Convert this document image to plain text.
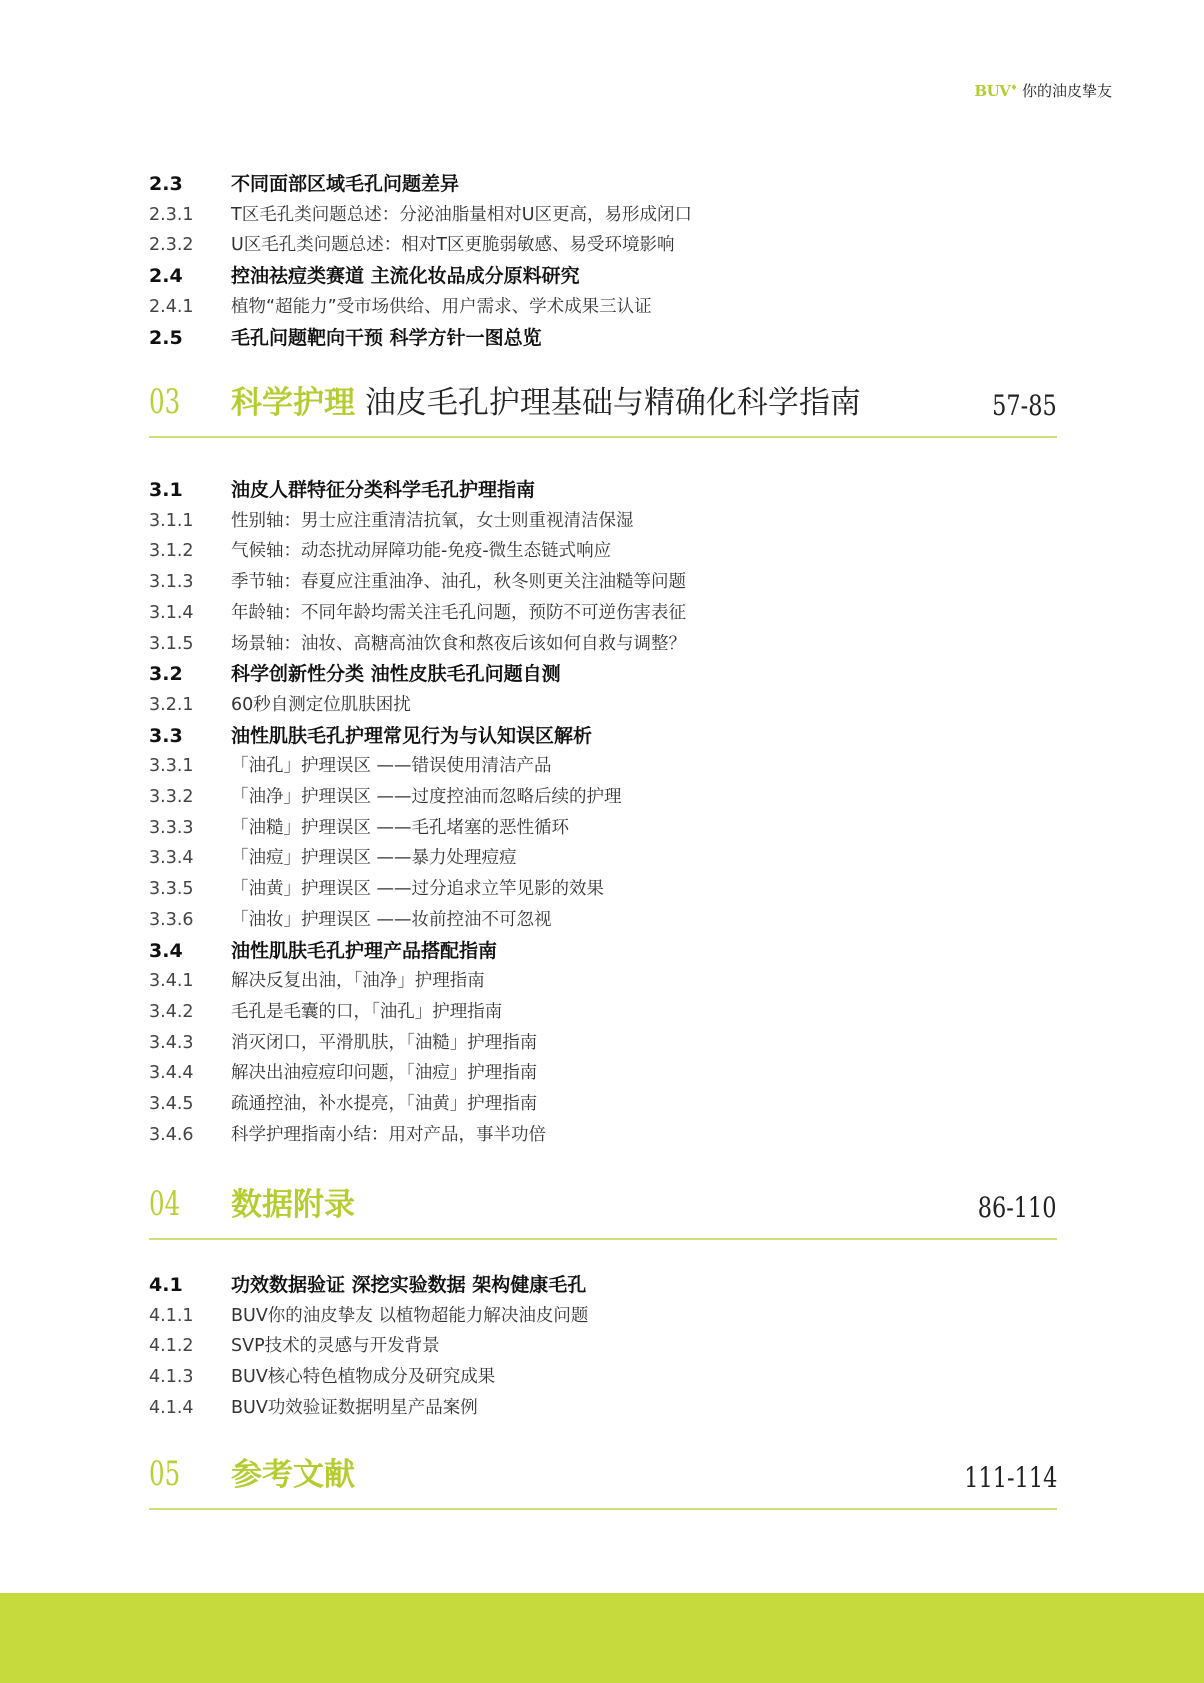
BUV♦ 你的油皮挚友
2.3	不同面部区域毛孔问题差异
2.3.1	T区毛孔类问题总述：分泌油脂量相对U区更高，易形成闭口
2.3.2	U区毛孔类问题总述：相对T区更脆弱敏感、易受环境影响
2.4	控油祛痘类赛道 主流化妆品成分原料研究
2.4.1	植物“超能力”受市场供给、用户需求、学术成果三认证
2.5	毛孔问题靶向干预 科学方针一图总览
03 科学护理 油皮毛孔护理基础与精确化科学指南	57-85
3.1	油皮人群特征分类科学毛孔护理指南
3.1.1	性别轴：男士应注重清洁抗氧，女士则重视清洁保湿
3.1.2	气候轴：动态扰动屏障功能-免疫-微生态链式响应
3.1.3	季节轴：春夏应注重油净、油孔，秋冬则更关注油糙等问题
3.1.4	年龄轴：不同年龄均需关注毛孔问题，预防不可逆伤害表征
3.1.5	场景轴：油妆、高糖高油饮食和熬夜后该如何自救与调整？
3.2	科学创新性分类 油性皮肤毛孔问题自测
3.2.1	60秒自测定位肌肤困扰
3.3	油性肌肤毛孔护理常见行为与认知误区解析
3.3.1	「油孔」护理误区 ——错误使用清洁产品
3.3.2	「油净」护理误区 ——过度控油而忽略后续的护理
3.3.3	「油糙」护理误区 ——毛孔堵塞的恶性循环
3.3.4	「油痘」护理误区 ——暴力处理痘痘
3.3.5	「油黄」护理误区 ——过分追求立竿见影的效果
3.3.6	「油妆」护理误区 ——妆前控油不可忽视
3.4	油性肌肤毛孔护理产品搭配指南
3.4.1	解决反复出油，「油净」护理指南
3.4.2	毛孔是毛囊的口，「油孔」护理指南
3.4.3	消灭闭口，平滑肌肤，「油糙」护理指南
3.4.4	解决出油痘痘印问题，「油痘」护理指南
3.4.5	疏通控油，补水提亮，「油黄」护理指南
3.4.6	科学护理指南小结：用对产品，事半功倍
04 数据附录	86-110
4.1	功效数据验证 深挖实验数据 架构健康毛孔
4.1.1	BUV你的油皮挚友 以植物超能力解决油皮问题
4.1.2	SVP技术的灵感与开发背景
4.1.3	BUV核心特色植物成分及研究成果
4.1.4	BUV功效验证数据明星产品案例
05 参考文献	111-114
